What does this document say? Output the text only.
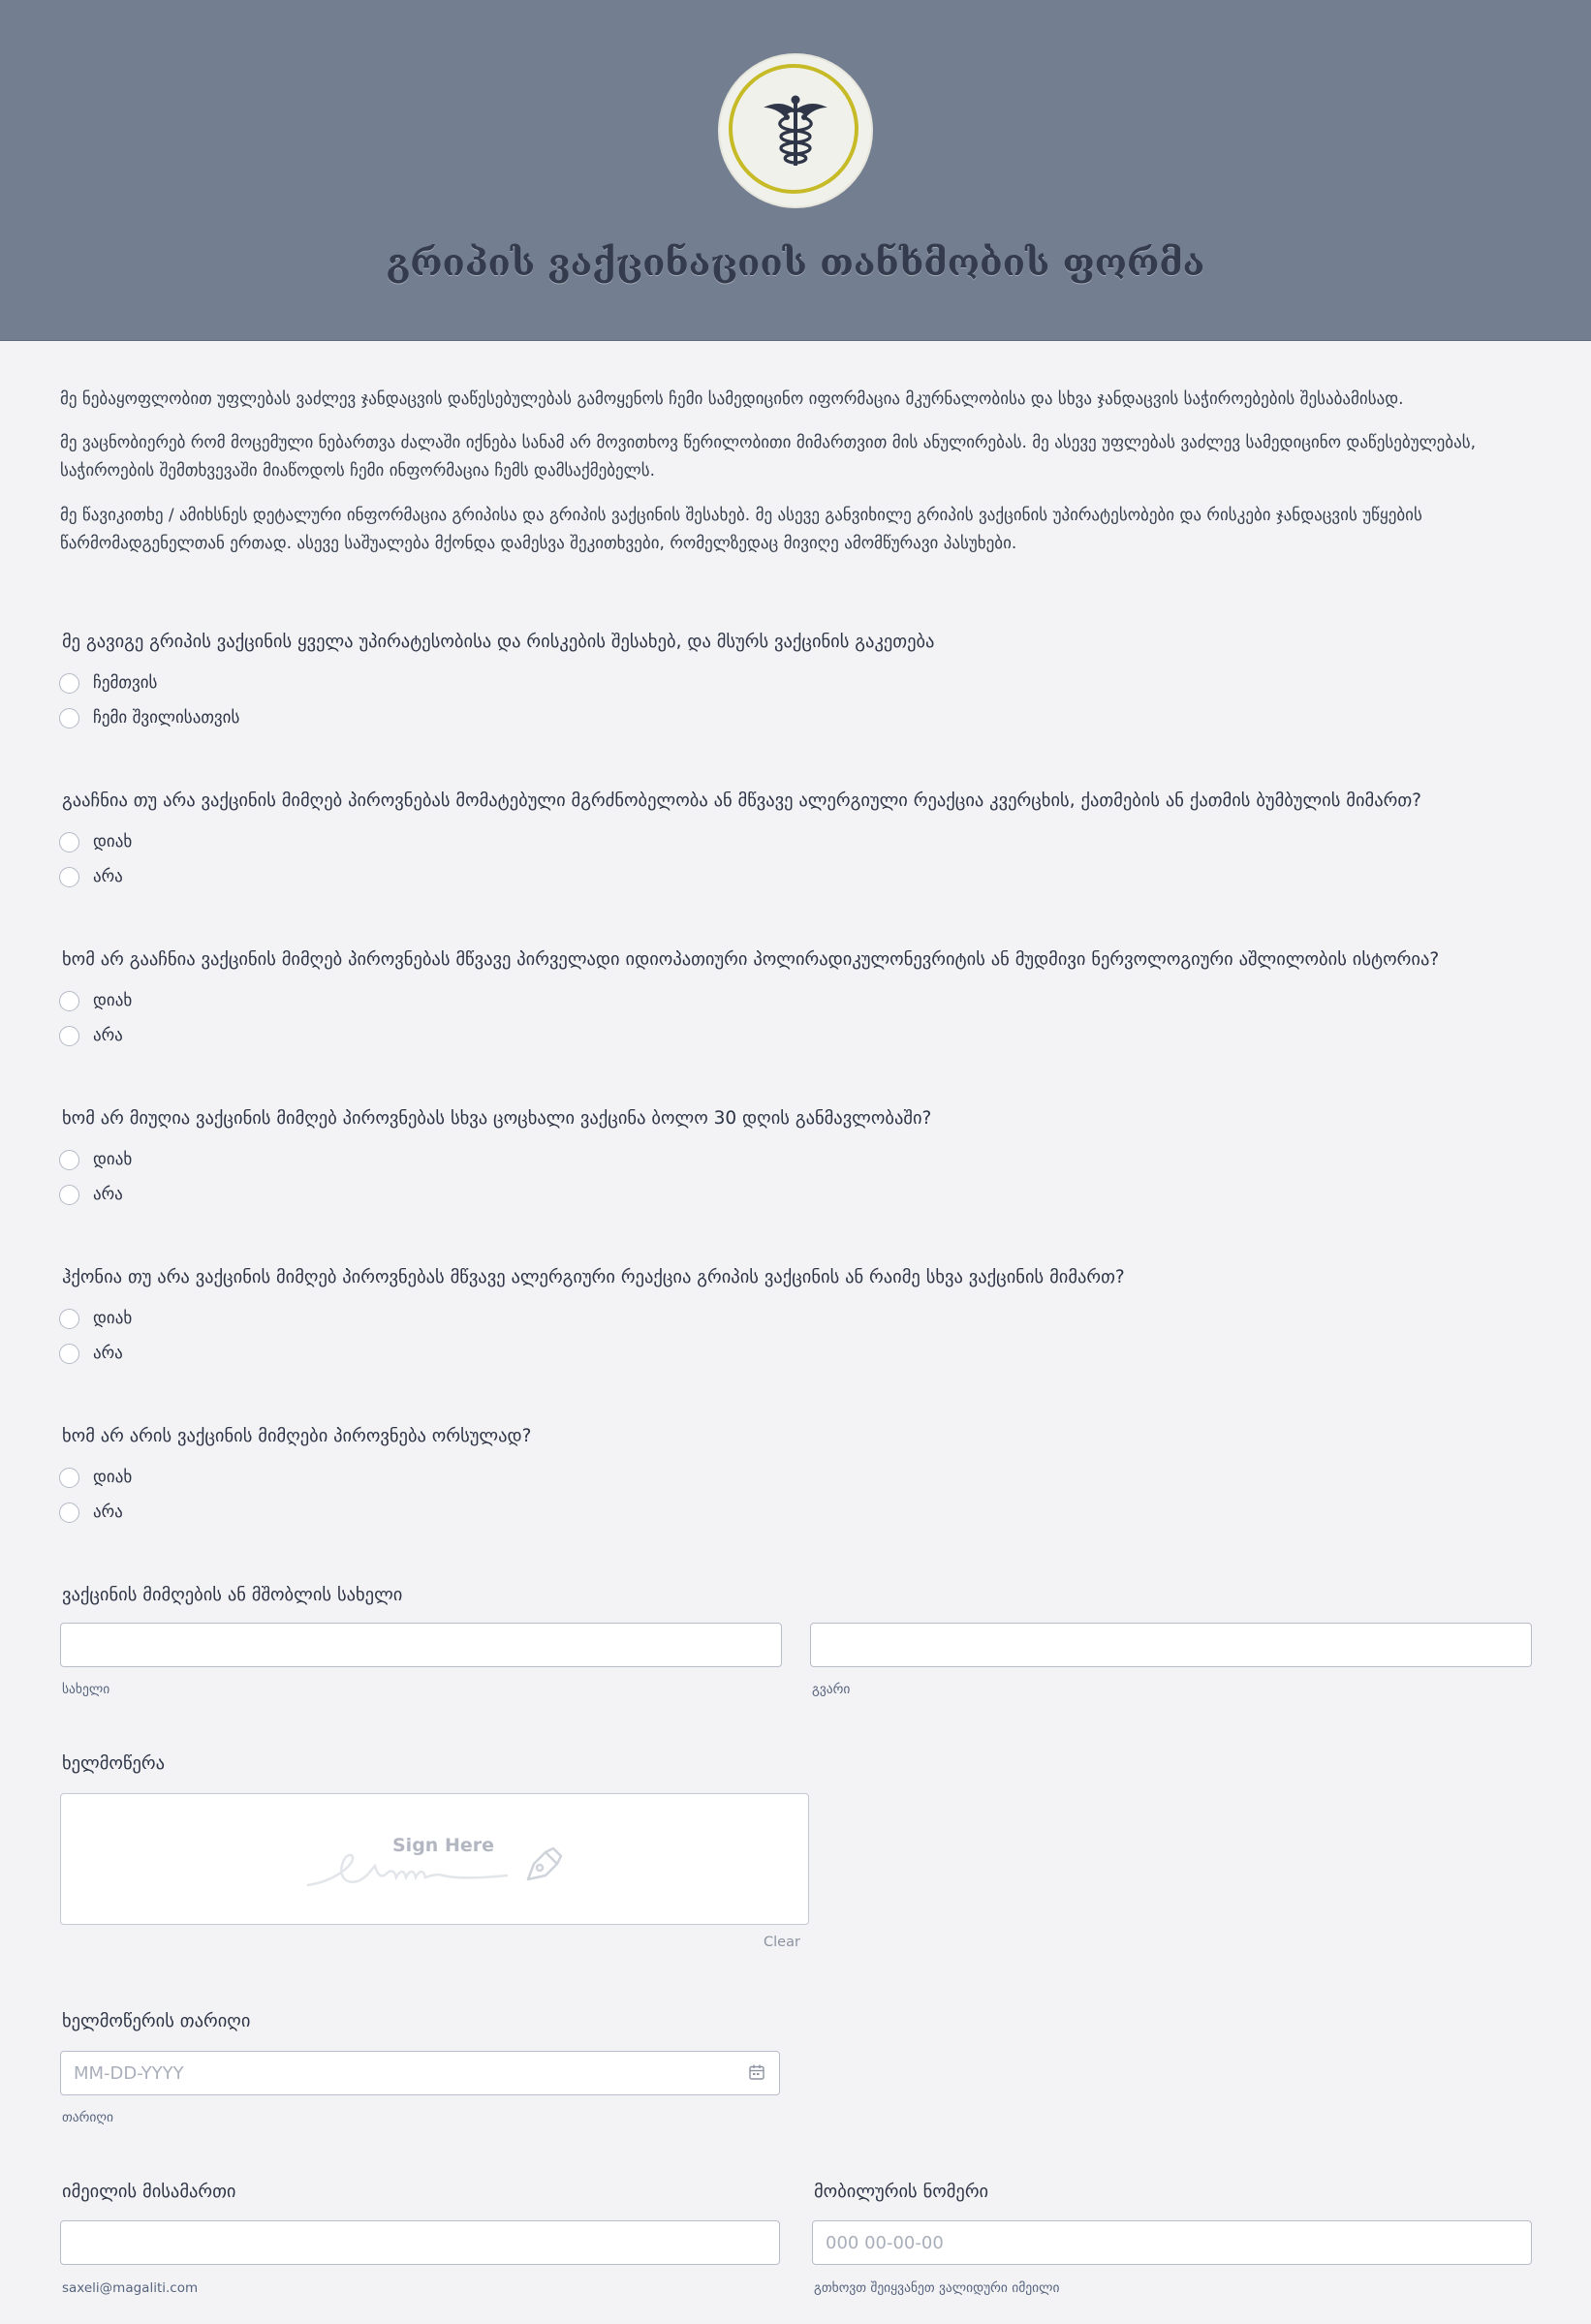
გრიპის ვაქცინაციის თანხმობის ფორმა

მე ნებაყოფლობით უფლებას ვაძლევ ჯანდაცვის დაწესებულებას გამოყენოს ჩემი სამედიცინო იფორმაცია მკურნალობისა და სხვა ჯანდაცვის საჭიროებების შესაბამისად.

მე ვაცნობიერებ რომ მოცემული ნებართვა ძალაში იქნება სანამ არ მოვითხოვ წერილობითი მიმართვით მის ანულირებას. მე ასევე უფლებას ვაძლევ სამედიცინო დაწესებულებას, საჭიროების შემთხვევაში მიაწოდოს ჩემი ინფორმაცია ჩემს დამსაქმებელს.

მე წავიკითხე / ამიხსნეს დეტალური ინფორმაცია გრიპისა და გრიპის ვაქცინის შესახებ. მე ასევე განვიხილე გრიპის ვაქცინის უპირატესობები და რისკები ჯანდაცვის უწყების წარმომადგენელთან ერთად. ასევე საშუალება მქონდა დამესვა შეკითხვები, რომელზედაც მივიღე ამომწურავი პასუხები.

მე გავიგე გრიპის ვაქცინის ყველა უპირატესობისა და რისკების შესახებ, და მსურს ვაქცინის გაკეთება
ჩემთვის
ჩემი შვილისათვის
გააჩნია თუ არა ვაქცინის მიმღებ პიროვნებას მომატებული მგრძნობელობა ან მწვავე ალერგიული რეაქცია კვერცხის, ქათმების ან ქათმის ბუმბულის მიმართ?
დიახ
არა
ხომ არ გააჩნია ვაქცინის მიმღებ პიროვნებას მწვავე პირველადი იდიოპათიური პოლირადიკულონევრიტის ან მუდმივი ნერვოლოგიური აშლილობის ისტორია?
დიახ
არა
ხომ არ მიუღია ვაქცინის მიმღებ პიროვნებას სხვა ცოცხალი ვაქცინა ბოლო 30 დღის განმავლობაში?
დიახ
არა
ჰქონია თუ არა ვაქცინის მიმღებ პიროვნებას მწვავე ალერგიური რეაქცია გრიპის ვაქცინის ან რაიმე სხვა ვაქცინის მიმართ?
დიახ
არა
ხომ არ არის ვაქცინის მიმღები პიროვნება ორსულად?
დიახ
არა
ვაქცინის მიმღების ან მშობლის სახელი
სახელი	გვარი
ხელმოწერა
Sign Here
Clear
ხელმოწერის თარიღი
MM-DD-YYYY
თარიღი
იმეილის მისამართი	მობილურის ნომერი
000 00-00-00
saxeli@magaliti.com	გთხოვთ შეიყვანეთ ვალიდური იმეილი
